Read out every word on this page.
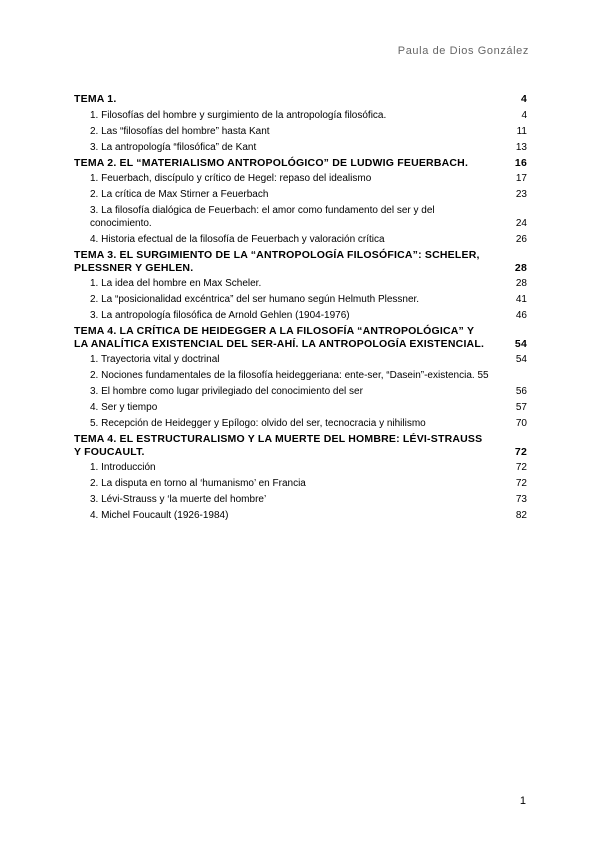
Paula de Dios González
TEMA 1.	4
1. Filosofías del hombre y surgimiento de la antropología filosófica.	4
2. Las “filosofías del hombre” hasta Kant	11
3. La antropología “filosófica” de Kant	13
TEMA 2. EL “MATERIALISMO ANTROPOLÓGICO” DE LUDWIG FEUERBACH.	16
1. Feuerbach, discípulo y crítico de Hegel: repaso del idealismo	17
2. La crítica de Max Stirner a Feuerbach	23
3. La filosofía dialógica de Feuerbach: el amor como fundamento del ser y del conocimiento.	24
4. Historia efectual de la filosofía de Feuerbach y valoración crítica	26
TEMA 3. EL SURGIMIENTO DE LA “ANTROPOLOGÍA FILOSÓFICA”: SCHELER, PLESSNER Y GEHLEN.	28
1. La idea del hombre en Max Scheler.	28
2. La “posicionalidad excéntrica” del ser humano según Helmuth Plessner.	41
3. La antropología filosófica de Arnold Gehlen (1904-1976)	46
TEMA 4. LA CRÍTICA DE HEIDEGGER A LA FILOSOFÍA “ANTROPOLÓGICA” Y LA ANALÍTICA EXISTENCIAL DEL SER-AHÍ. LA ANTROPOLOGÍA EXISTENCIAL.	54
1. Trayectoria vital y doctrinal	54
2. Nociones fundamentales de la filosofía heideggeriana: ente-ser, “Dasein”-existencia. 55
3. El hombre como lugar privilegiado del conocimiento del ser	56
4. Ser y tiempo	57
5. Recepción de Heidegger y Epílogo: olvido del ser, tecnocracia y nihilismo	70
TEMA 4. EL ESTRUCTURALISMO Y LA MUERTE DEL HOMBRE: LÉVI-STRAUSS Y FOUCAULT.	72
1. Introducción	72
2. La disputa en torno al ‘humanismo’ en Francia	72
3. Lévi-Strauss y ‘la muerte del hombre’	73
4. Michel Foucault (1926-1984)	82
1
